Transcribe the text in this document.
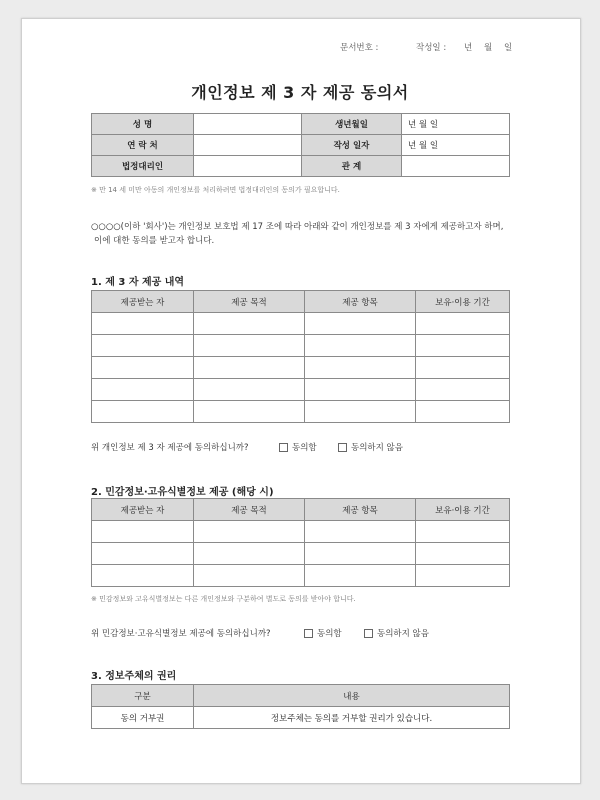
문서번호 :	작성일 : 년 월 일
개인정보 제 3 자 제공 동의서
성 명		생년월일	년 월 일
연 락 처		작성 일자	년 월 일
법정대리인		관 계	
※ 만 14 세 미만 아동의 개인정보를 처리하려면 법정대리인의 동의가 필요합니다.
○○○○(이하 '회사')는 개인정보 보호법 제 17 조에 따라 아래와 같이 개인정보를 제 3 자에게 제공하고자 하며,
이에 대한 동의를 받고자 합니다.
1. 제 3 자 제공 내역
제공받는 자	제공 목적	제공 항목	보유·이용 기간

위 개인정보 제 3 자 제공에 동의하십니까?	동의함	동의하지 않음
2. 민감정보·고유식별정보 제공 (해당 시)
제공받는 자	제공 목적	제공 항목	보유·이용 기간

※ 민감정보와 고유식별정보는 다른 개인정보와 구분하여 별도로 동의를 받아야 합니다.
위 민감정보·고유식별정보 제공에 동의하십니까?	동의함	동의하지 않음
3. 정보주체의 권리
구분	내용
동의 거부권	정보주체는 동의를 거부할 권리가 있습니다.
